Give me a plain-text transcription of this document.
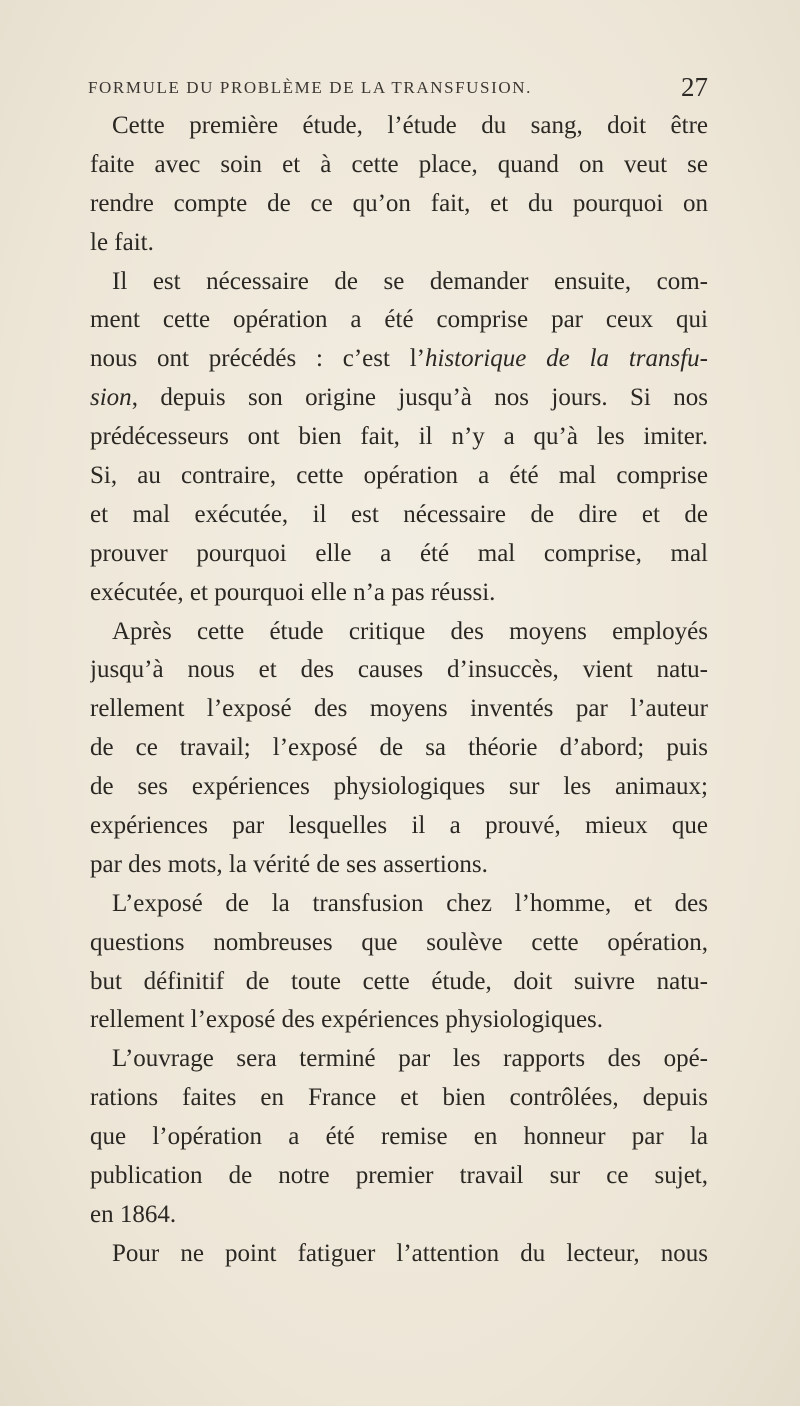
FORMULE DU PROBLÈME DE LA TRANSFUSION.	27
Cette première étude, l’étude du sang, doit être
faite avec soin et à cette place, quand on veut se
rendre compte de ce qu’on fait, et du pourquoi on
le fait.
Il est nécessaire de se demander ensuite, com-
ment cette opération a été comprise par ceux qui
nous ont précédés : c’est l’historique de la transfu-
sion, depuis son origine jusqu’à nos jours. Si nos
prédécesseurs ont bien fait, il n’y a qu’à les imiter.
Si, au contraire, cette opération a été mal comprise
et mal exécutée, il est nécessaire de dire et de
prouver pourquoi elle a été mal comprise, mal
exécutée, et pourquoi elle n’a pas réussi.
Après cette étude critique des moyens employés
jusqu’à nous et des causes d’insuccès, vient natu-
rellement l’exposé des moyens inventés par l’auteur
de ce travail; l’exposé de sa théorie d’abord; puis
de ses expériences physiologiques sur les animaux;
expériences par lesquelles il a prouvé, mieux que
par des mots, la vérité de ses assertions.
L’exposé de la transfusion chez l’homme, et des
questions nombreuses que soulève cette opération,
but définitif de toute cette étude, doit suivre natu-
rellement l’exposé des expériences physiologiques.
L’ouvrage sera terminé par les rapports des opé-
rations faites en France et bien contrôlées, depuis
que l’opération a été remise en honneur par la
publication de notre premier travail sur ce sujet,
en 1864.
Pour ne point fatiguer l’attention du lecteur, nous
